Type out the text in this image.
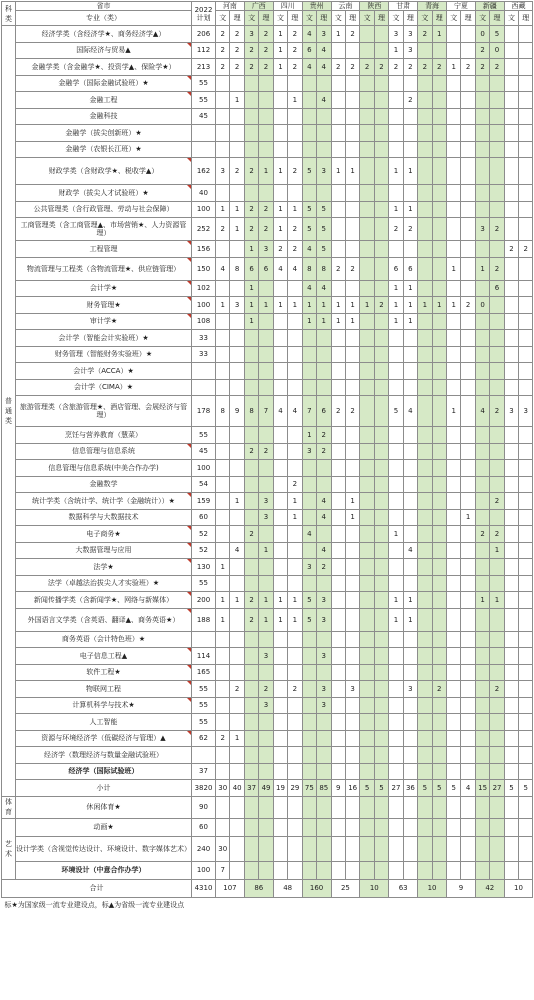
科类	省市	2022计划	河南		广西		四川		贵州		云南		陕西		甘肃		青海		宁夏		新疆		西藏	
	专业（类）		文	理	文	理	文	理	文	理	文	理	文	理	文	理	文	理	文	理	文	理	文	理
普通类	经济学类（含经济学★、商务经济学▲）	206	2	2	3	2	1	2	4	3	1	2			3	3	2	1			0	5		
	国际经济与贸易▲	112	2	2	2	2	1	2	6	4					1	3					2	0		
	金融学类（含金融学★、投资学▲、保险学★）	213	2	2	2	2	1	2	4	4	2	2	2	2	2	2	2	2	1	2	2	2		
	金融学（国际金融试验班）★	55																						
	金融工程	55		1				1		4						2								
	金融科技	45																						
	金融学（拔尖创新班）★																							
	金融学（农银长江班）★																							
	财政学类（含财政学★、税收学▲）	162	3	2	2	1	1	2	5	3	1	1			1	1								
	财政学（拔尖人才试验班）★	40																						
	公共管理类（含行政管理、劳动与社会保障）	100	1	1	2	2	1	1	5	5					1	1								
	工商管理类（含工商管理▲、市场营销★、人力资源管理）	252	2	1	2	2	1	2	5	5					2	2					3	2		
	工程管理	156			1	3	2	2	4	5													2	2
	物流管理与工程类（含物流管理★、供应链管理）	150	4	8	6	6	4	4	8	8	2	2			6	6			1		1	2		
	会计学★	102			1				4	4					1	1						6		
	财务管理★	100	1	3	1	1	1	1	1	1	1	1	1	2	1	1	1	1	1	2	0			
	审计学★	108			1				1	1	1	1			1	1								
	会计学（智能会计实验班）★	33																						
	财务管理（智能财务实验班）★	33																						
	会计学（ACCA）★																							
	会计学（CIMA）★																							
	旅游管理类（含旅游管理★、酒店管理、会展经济与管理）	178	8	9	8	7	4	4	7	6	2	2			5	4			1		4	2	3	3
	烹饪与营养教育（慧菜）	55							1	2														
	信息管理与信息系统	45			2	2			3	2														
	信息管理与信息系统(中美合作办学)	100																						
	金融数学	54						2																
	统计学类（含统计学、统计学（金融统计））★	159		1		3		1		4		1										2		
	数据科学与大数据技术	60				3		1		4		1								1				
	电子商务★	52			2				4						1						2	2		
	大数据管理与应用	52		4		1				4						4						1		
	法学★	130	1						3	2														
	法学（卓越法治拔尖人才实验班）★	55																						
	新闻传播学类（含新闻学★、网络与新媒体）	200	1	1	2	1	1	1	5	3					1	1					1	1		
	外国语言文学类（含英语、翻译▲、商务英语★）	188	1		2	1	1	1	5	3					1	1								
	商务英语（会计特色班）★																							
	电子信息工程▲	114				3				3														
	软件工程★	165																						
	物联网工程	55		2		2		2		3		3				3		2				2		
	计算机科学与技术★	55				3				3														
	人工智能	55																						
	资源与环境经济学（低碳经济与管理）▲	62	2	1																				
	经济学（数理经济与数量金融试验班）																							
	经济学（国际试验班）	37																						
	小计	3820	30	40	37	49	19	29	75	85	9	16	5	5	27	36	5	5	5	4	15	27	5	5
体育	休闲体育★	90																						
艺术	动画★	60																						
	设计学类（含视觉传达设计、环境设计、数字媒体艺术）	240	30																					
	环境设计（中意合作办学）	100	7																					
合计		4310	107		86		48		160		25		10		63		10		9		42		10	
标★为国家级一流专业建设点，标▲为省级一流专业建设点																								
